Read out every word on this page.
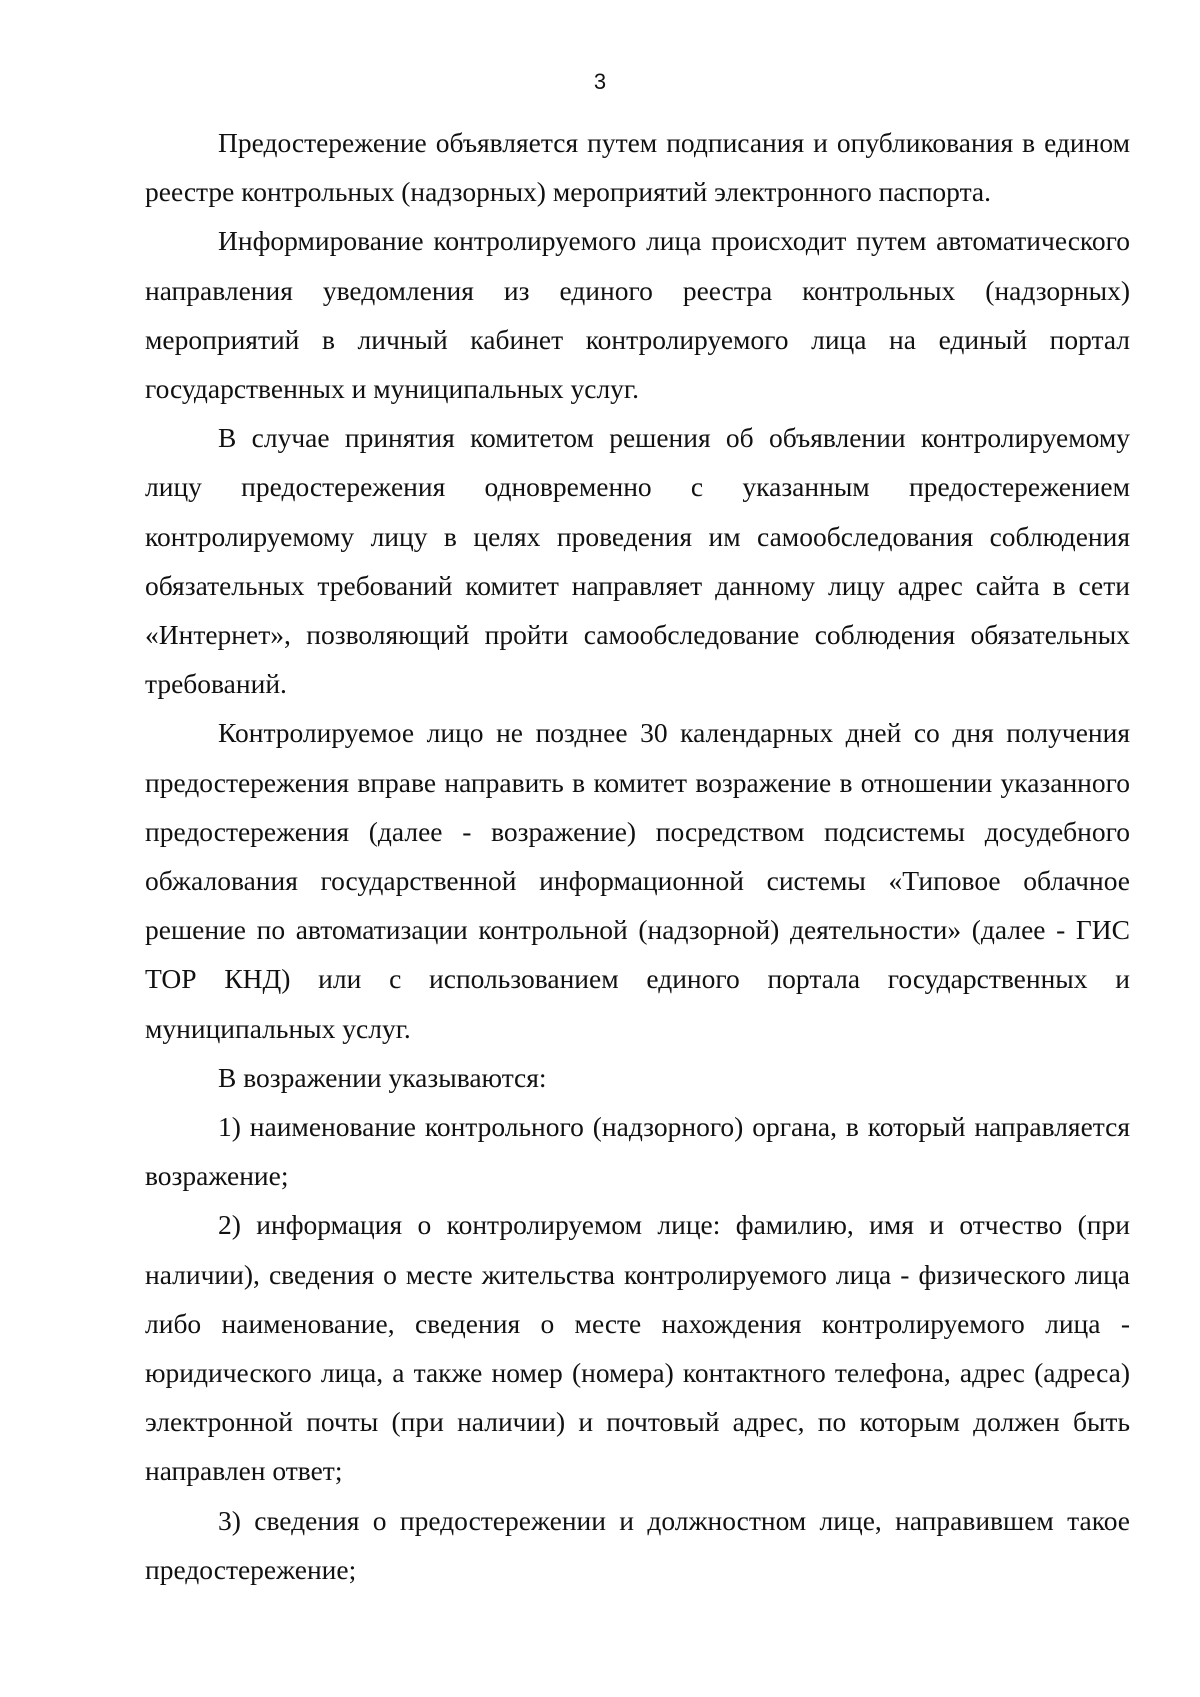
3

Предостережение объявляется путем подписания и опубликования в едином реестре контрольных (надзорных) мероприятий электронного паспорта.

Информирование контролируемого лица происходит путем автоматического направления уведомления из единого реестра контрольных (надзорных) мероприятий в личный кабинет контролируемого лица на единый портал государственных и муниципальных услуг.

В случае принятия комитетом решения об объявлении контролируемому лицу предостережения одновременно с указанным предостережением контролируемому лицу в целях проведения им самообследования соблюдения обязательных требований комитет направляет данному лицу адрес сайта в сети «Интернет», позволяющий пройти самообследование соблюдения обязательных требований.

Контролируемое лицо не позднее 30 календарных дней со дня получения предостережения вправе направить в комитет возражение в отношении указанного предостережения (далее - возражение) посредством подсистемы досудебного обжалования государственной информационной системы «Типовое облачное решение по автоматизации контрольной (надзорной) деятельности» (далее - ГИС ТОР КНД) или с использованием единого портала государственных и муниципальных услуг.

В возражении указываются:

1) наименование контрольного (надзорного) органа, в который направляется возражение;

2) информация о контролируемом лице: фамилию, имя и отчество (при наличии), сведения о месте жительства контролируемого лица - физического лица либо наименование, сведения о месте нахождения контролируемого лица - юридического лица, а также номер (номера) контактного телефона, адрес (адреса) электронной почты (при наличии) и почтовый адрес, по которым должен быть направлен ответ;

3) сведения о предостережении и должностном лице, направившем такое предостережение;
